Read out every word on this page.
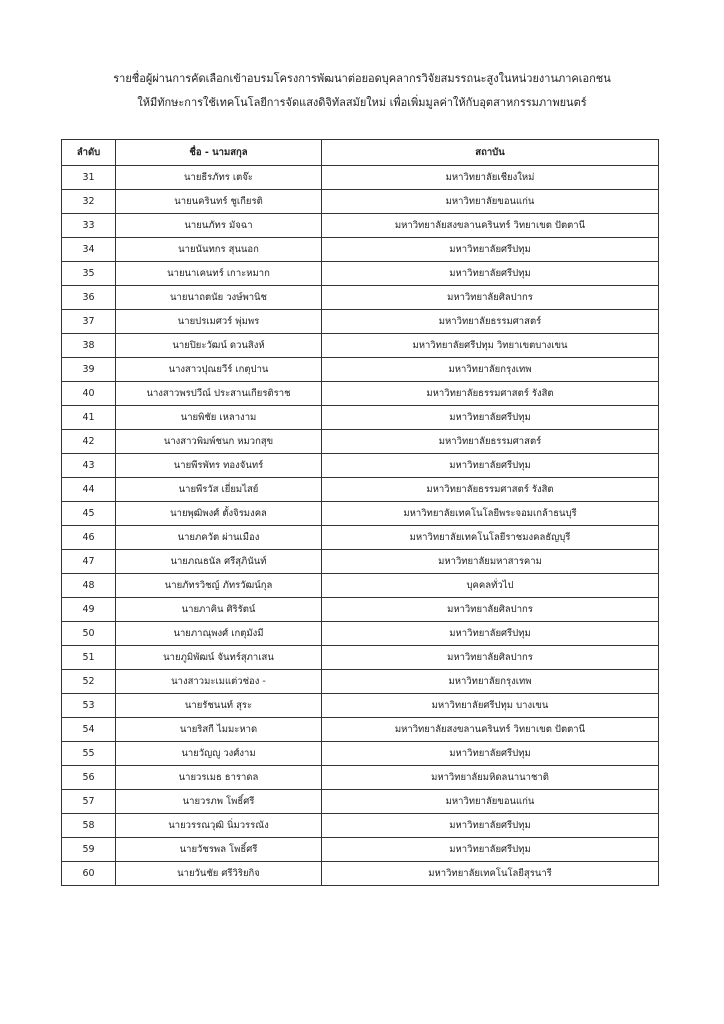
รายชื่อผู้ผ่านการคัดเลือกเข้าอบรมโครงการพัฒนาต่อยอดบุคลากรวิจัยสมรรถนะสูงในหน่วยงานภาคเอกชน
ให้มีทักษะการใช้เทคโนโลยีการจัดแสงดิจิทัลสมัยใหม่ เพื่อเพิ่มมูลค่าให้กับอุตสาหกรรมภาพยนตร์
ลำดับ	ชื่อ - นามสกุล	สถาบัน
31	นายธีรภัทร เตจ๊ะ	มหาวิทยาลัยเชียงใหม่
32	นายนครินทร์ ชูเกียรติ	มหาวิทยาลัยขอนแก่น
33	นายนภัทร มัจฉา	มหาวิทยาลัยสงขลานครินทร์ วิทยาเขต ปัตตานี
34	นายนันทกร สุนนอก	มหาวิทยาลัยศรีปทุม
35	นายนาเคนทร์ เกาะหมาก	มหาวิทยาลัยศรีปทุม
36	นายนาถตนัย วงษ์พานิช	มหาวิทยาลัยศิลปากร
37	นายปรเมศวร์ พุ่มพร	มหาวิทยาลัยธรรมศาสตร์
38	นายปิยะวัฒน์ ดวนสิงห์	มหาวิทยาลัยศรีปทุม วิทยาเขตบางเขน
39	นางสาวปุณยวีร์ เกตุปาน	มหาวิทยาลัยกรุงเทพ
40	นางสาวพรปวีณ์ ประสานเกียรติราช	มหาวิทยาลัยธรรมศาสตร์ รังสิต
41	นายพิชัย เหลางาม	มหาวิทยาลัยศรีปทุม
42	นางสาวพิมพ์ชนก หมวกสุข	มหาวิทยาลัยธรรมศาสตร์
43	นายพีรพัทร ทองจันทร์	มหาวิทยาลัยศรีปทุม
44	นายพีรวัส เยี่ยมไสย์	มหาวิทยาลัยธรรมศาสตร์ รังสิต
45	นายพุฒิพงศ์ ตั้งจิรมงคล	มหาวิทยาลัยเทคโนโลยีพระจอมเกล้าธนบุรี
46	นายภควัต ผ่านเมือง	มหาวิทยาลัยเทคโนโลยีราชมงคลธัญบุรี
47	นายภณธนัล ศรีสุภินันท์	มหาวิทยาลัยมหาสารคาม
48	นายภัทรวิชญ์ ภัทรวัฒน์กุล	บุคคลทั่วไป
49	นายภาคิน ศิริรัตน์	มหาวิทยาลัยศิลปากร
50	นายภาณุพงศ์ เกตุมังมี	มหาวิทยาลัยศรีปทุม
51	นายภูมิพัฒน์ จันทร์สุภาเสน	มหาวิทยาลัยศิลปากร
52	นางสาวมะเมแต่วช่อง -	มหาวิทยาลัยกรุงเทพ
53	นายรัชนนท์ สุระ	มหาวิทยาลัยศรีปทุม บางเขน
54	นายริสกี ไมมะหาด	มหาวิทยาลัยสงขลานครินทร์ วิทยาเขต ปัตตานี
55	นายวัญญู วงศ์งาม	มหาวิทยาลัยศรีปทุม
56	นายวรเมธ ธาราดล	มหาวิทยาลัยมหิดลนานาชาติ
57	นายวรภพ โพธิ์ศรี	มหาวิทยาลัยขอนแก่น
58	นายวรรณวุฒิ นิ่มวรรณัง	มหาวิทยาลัยศรีปทุม
59	นายวัชรพล โพธิ์ศรี	มหาวิทยาลัยศรีปทุม
60	นายวันชัย ศรีวิริยกิจ	มหาวิทยาลัยเทคโนโลยีสุรนารี
